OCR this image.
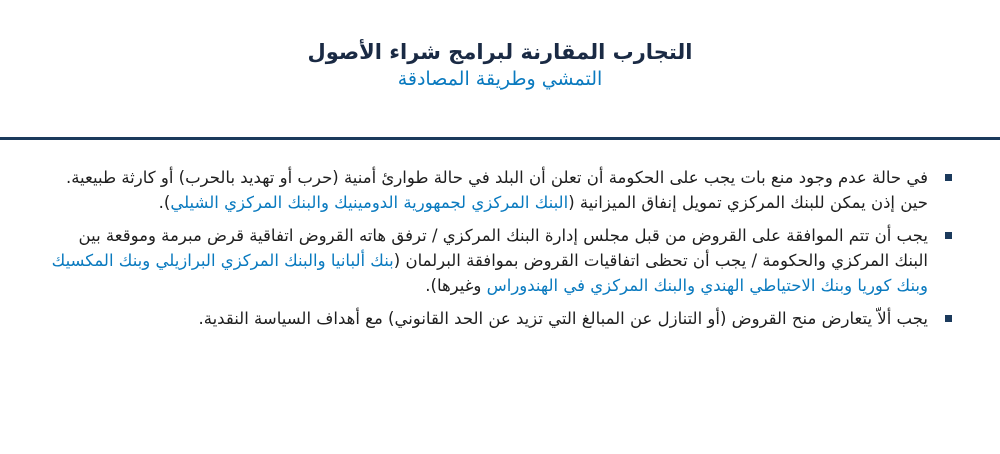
التجارب المقارنة لبرامج شراء الأصول

التمشي وطريقة المصادقة

في حالة عدم وجود منع بات يجب على الحكومة أن تعلن أن البلد في حالة طوارئ أمنية (حرب أو تهديد بالحرب) أو كارثة طبيعية. حين إذن يمكن للبنك المركزي تمويل إنفاق الميزانية (البنك المركزي لجمهورية الدومينيك والبنك المركزي الشيلي).
يجب أن تتم الموافقة على القروض من قبل مجلس إدارة البنك المركزي / ترفق هاته القروض اتفاقية قرض مبرمة وموقعة بين البنك المركزي والحكومة / يجب أن تحظى اتفاقيات القروض بموافقة البرلمان (بنك ألبانيا والبنك المركزي البرازيلي وبنك المكسيك وبنك كوريا وبنك الاحتياطي الهندي والبنك المركزي في الهندوراس وغيرها).
يجب ألاّ يتعارض منح القروض (أو التنازل عن المبالغ التي تزيد عن الحد القانوني) مع أهداف السياسة النقدية.
